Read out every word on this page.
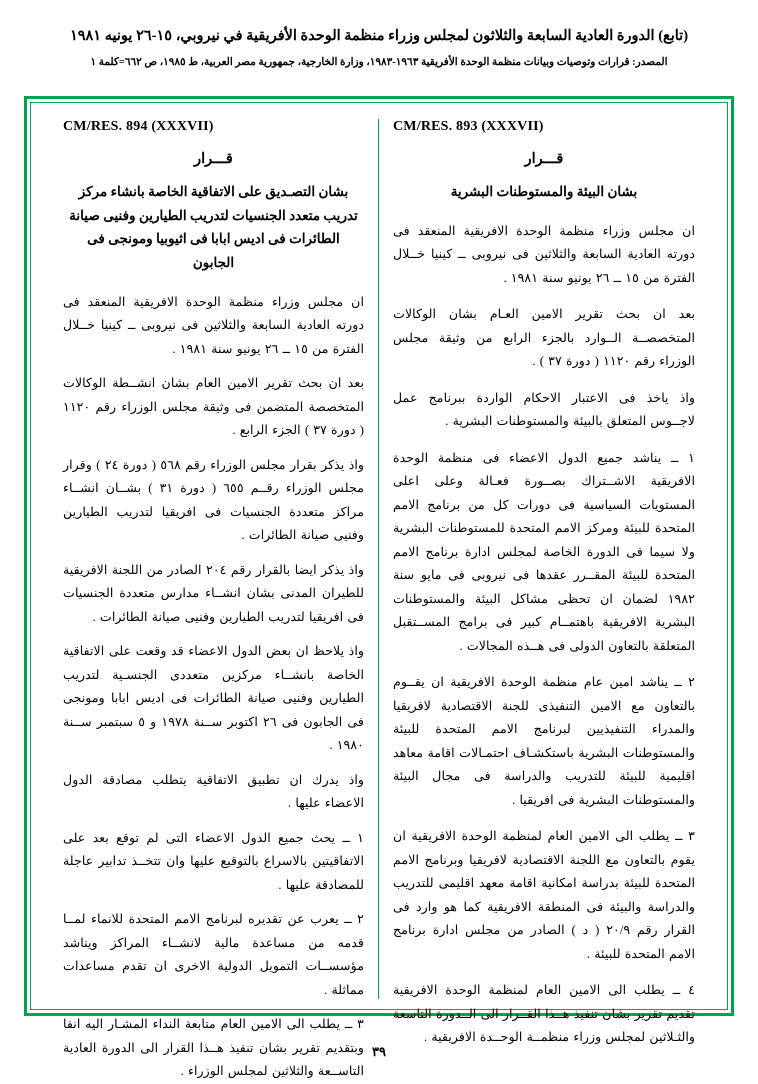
(تابع) الدورة العادية السابعة والثلاثون لمجلس وزراء منظمة الوحدة الأفريقية في نيروبي، ١٥-٢٦ يونيه ١٩٨١
المصدر: قرارات وتوصيات وبيانات منظمة الوحدة الأفريقية ١٩٦٣-١٩٨٣، وزارة الخارجية، جمهورية مصر العربية، ط ١٩٨٥، ص ٦٦٢=كلمة ١
CM/RES. 893 (XXXVII)
قـــرار
بشان البيئة والمستوطنات البشرية
ان مجلس وزراء منظمة الوحدة الافريقية المنعقد فى دورته العادية السابعة والثلاثين فى نيروبى ــ كينيا خــلال الفترة من ١٥ ــ ٢٦ يونيو سنة ١٩٨١ .
بعد ان بحث تقرير الامين العـام بشان الوكالات المتخصصــة الــوارد بالجزء الرابع من وثيقة مجلس الوزراء رقم ١١٢٠ ( دورة ٣٧ ) .
واذ ياخذ فى الاعتبار الاحكام الواردة ببرنامج عمل لاجــوس المتعلق بالبيئة والمستوطنات البشرية .
١ ــ يناشد جميع الدول الاعضاء فى منظمة الوحدة الافريقية الاشــتراك بصــورة فعـالة وعلى اعلى المستويات السياسية فى دورات كل من برنامج الامم المتحدة للبيئة ومركز الامم المتحدة للمستوطنات البشرية ولا سيما فى الدورة الخاصة لمجلس ادارة برنامج الامم المتحدة للبيئة المقــرر عقدها فى نيروبى فى مايو سنة ١٩٨٢ لضمان ان تحظى مشاكل البيئة والمستوطنات البشرية الافريقية باهتمــام كبير فى برامج المســتقبل المتعلقة بالتعاون الدولى فى هــذه المجالات .
٢ ــ يناشد امين عام منظمة الوحدة الافريقية ان يقــوم بالتعاون مع الامين التنفيذى للجنة الاقتصادية لافريقيا والمدراء التنفيذيين لبرنامج الامم المتحدة للبيئة والمستوطنات البشرية باستكشـاف احتمـالات اقامة معاهد اقليمية للبيئة للتدريب والدراسة فى مجال البيئة والمستوطنات البشرية فى افريقيا .
٣ ــ يطلب الى الامين العام لمنظمة الوحدة الافريقية ان يقوم بالتعاون مع اللجنة الاقتصادية لافريقيا وبرنامج الامم المتحدة للبيئة بدراسة امكانية اقامة معهد اقليمى للتدريب والدراسة والبيئة فى المنطقة الافريقية كما هو وارد فى القرار رقم ٢٠/٩ ( د ) الصادر من مجلس ادارة برنامج الامم المتحدة للبيئة .
٤ ــ يطلب الى الامين العام لمنظمة الوحدة الافريقية تقديم تقرير بشان تنفيذ هــذا القــرار الى الــدورة التاسعة والثـلاثين لمجلس وزراء منظمــة الوحــدة الافريقية .
CM/RES. 894 (XXXVII)
قـــرار
بشان التصـديق على الاتفاقية الخاصة بانشاء مركز تدريب متعدد الجنسيات لتدريب الطيارين وفنيى صيانة الطائرات فى اديس ابابا فى اثيوبيا ومونجى فى الجابون
ان مجلس وزراء منظمة الوحدة الافريقية المنعقد فى دورته العادية السابعة والثلاثين فى نيروبى ــ كينيا خــلال الفترة من ١٥ ــ ٢٦ يونيو سنة ١٩٨١ .
بعد ان بحث تقرير الامين العام بشان انشــطة الوكالات المتخصصة المتضمن فى وثيقة مجلس الوزراء رقم ١١٢٠ ( دورة ٣٧ ) الجزء الرابع .
واذ يذكر بقرار مجلس الوزراء رقم ٥٦٨ ( دورة ٢٤ ) وقرار مجلس الوزراء رقــم ٦٥٥ ( دورة ٣١ ) بشــان انشــاء مراكز متعددة الجنسيات فى افريقيا لتدريب الطيارين وفنيى صيانة الطائرات .
واذ يذكر ايضا بالقرار رقم ٢٠٤ الصادر من اللجنة الافريقية للطيران المدنى بشان انشــاء مدارس متعددة الجنسيات فى افريقيا لتدريب الطيارين وفنيى صيانة الطائرات .
واذ يلاحظ ان بعض الدول الاعضاء قد وقعت على الاتفاقية الخاصة بانشــاء مركزين متعددى الجنسـية لتدريب الطيارين وفنيى صيانة الطائرات فى اديس ابابا ومونجى فى الجابون فى ٢٦ اكتوبر ســنة ١٩٧٨ و ٥ سبتمبر ســنة ١٩٨٠ .
واذ يدرك ان تطبيق الاتفاقية يتطلب مصادقة الدول الاعضاء عليها .
١ ــ يحث جميع الدول الاعضاء التى لم توقع بعد على الاتفاقيتين بالاسراع بالتوقيع عليها وان تتخــذ تدابير عاجلة للمصادقة عليها .
٢ ــ يعرب عن تقديره لبرنامج الامم المتحدة للانماء لمــا قدمه من مساعدة مالية لانشــاء المراكز ويناشد مؤسســات التمويل الدولية الاخرى ان تقدم مساعدات مماثلة .
٣ ــ يطلب الى الامين العام متابعة النداء المشـار اليه انفا وبتقديم تقرير بشان تنفيذ هــذا القرار الى الدورة العادية التاســعة والثلاثين لمجلس الوزراء .
٣٩
